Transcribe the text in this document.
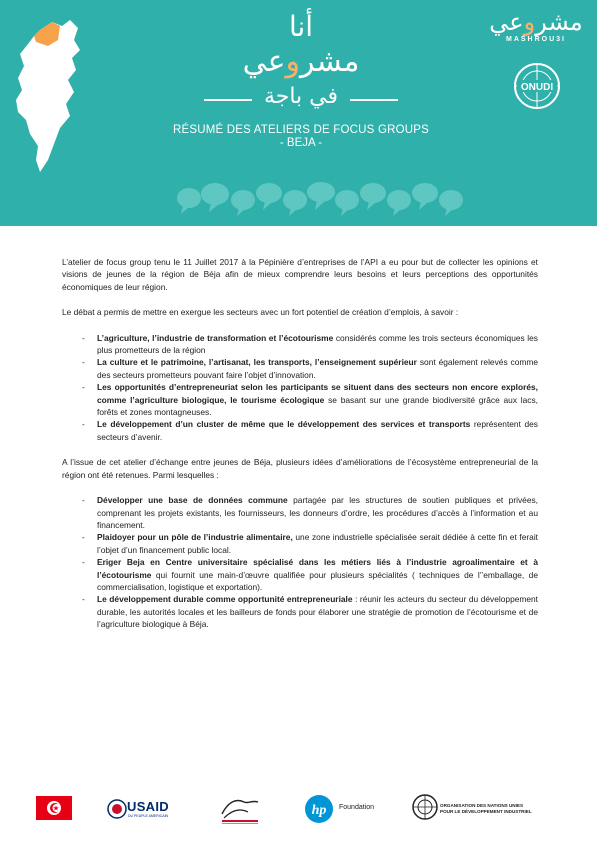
أنا
مشروعي
في باجة
RÉSUMÉ DES ATELIERS DE FOCUS GROUPS
- BEJA -
مشروعي
MASHROU3I
ONUDI

L’atelier de focus group tenu le 11 Juillet 2017 à la Pépinière d’entreprises de l’API a eu pour but de collecter les opinions et visions de jeunes de la région de Béja afin de mieux comprendre leurs besoins et leurs perceptions des opportunités économiques de leur région.

Le débat a permis de mettre en exergue les secteurs avec un fort potentiel de création d’emplois, à savoir :

- L’agriculture, l’industrie de transformation et l’écotourisme considérés comme les trois secteurs économiques les plus prometteurs de la région
- La culture et le patrimoine, l’artisanat, les transports, l’enseignement supérieur sont également relevés comme des secteurs prometteurs pouvant faire l’objet d’innovation.
- Les opportunités d’entrepreneuriat selon les participants se situent dans des secteurs non encore explorés, comme l’agriculture biologique, le tourisme écologique se basant sur une grande biodiversité grâce aux lacs, forêts et zones montagneuses.
- Le développement d’un cluster de même que le développement des services et transports représentent des secteurs d’avenir.

A l’issue de cet atelier d’échange entre jeunes de Béja, plusieurs idées d’améliorations de l’écosystème entrepreneurial de la région ont été retenues. Parmi lesquelles :

- Développer une base de données commune partagée par les structures de soutien publiques et privées, comprenant les projets existants, les fournisseurs, les donneurs d’ordre, les procédures d’accès à l’information et au financement.
- Plaidoyer pour un pôle de l’industrie alimentaire, une zone industrielle spécialisée serait dédiée à cette fin et ferait l’objet d’un financement public local.
- Eriger Beja en Centre universitaire spécialisé dans les métiers liés à l’industrie agroalimentaire et à l’écotourisme qui fournit une main-d’œuvre qualifiée pour plusieurs spécialités ( techniques de l’’emballage, de commercialisation, logistique et exportation).
- Le développement durable comme opportunité entrepreneuriale : réunir les acteurs du secteur du développement durable, les autorités locales et les bailleurs de fonds pour élaborer une stratégie de promotion de l’écotourisme et de l’agriculture biologique à Béja.
USAID
DU PEUPLE AMERICAIN	hp Foundation	ORGANISATION DES NATIONS UNIES
POUR LE DÉVELOPPEMENT INDUSTRIEL
